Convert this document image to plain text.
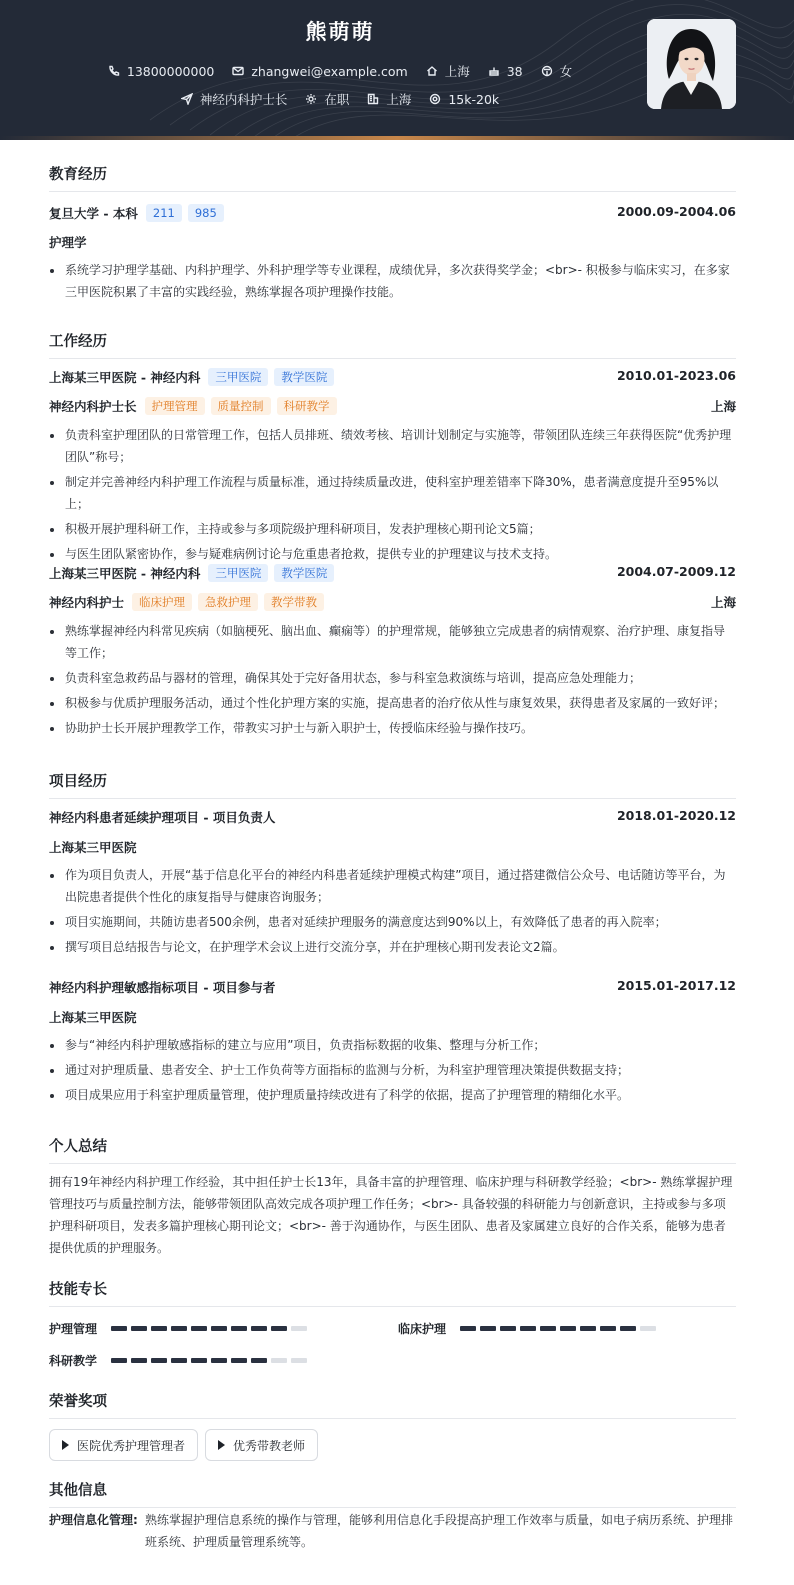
熊萌萌
13800000000
	zhangwei@example.com
	上海
	38
	女
神经内科护士长
	在职
	上海
	15k-20k
教育经历
复旦大学 - 本科	211	985	2000.09-2004.06
护理学
系统学习护理学基础、内科护理学、外科护理学等专业课程，成绩优异，多次获得奖学金；<br>- 积极参与临床实习，在多家三甲医院积累了丰富的实践经验，熟练掌握各项护理操作技能。
工作经历
上海某三甲医院 - 神经内科	三甲医院	教学医院	2010.01-2023.06
神经内科护士长	护理管理	质量控制	科研教学	上海
负责科室护理团队的日常管理工作，包括人员排班、绩效考核、培训计划制定与实施等，带领团队连续三年获得医院“优秀护理团队”称号；
制定并完善神经内科护理工作流程与质量标准，通过持续质量改进，使科室护理差错率下降30%，患者满意度提升至95%以上；
积极开展护理科研工作，主持或参与多项院级护理科研项目，发表护理核心期刊论文5篇；
与医生团队紧密协作，参与疑难病例讨论与危重患者抢救，提供专业的护理建议与技术支持。
上海某三甲医院 - 神经内科	三甲医院	教学医院	2004.07-2009.12
神经内科护士	临床护理	急救护理	教学带教	上海
熟练掌握神经内科常见疾病（如脑梗死、脑出血、癫痫等）的护理常规，能够独立完成患者的病情观察、治疗护理、康复指导等工作；
负责科室急救药品与器材的管理，确保其处于完好备用状态，参与科室急救演练与培训，提高应急处理能力；
积极参与优质护理服务活动，通过个性化护理方案的实施，提高患者的治疗依从性与康复效果，获得患者及家属的一致好评；
协助护士长开展护理教学工作，带教实习护士与新入职护士，传授临床经验与操作技巧。
项目经历
神经内科患者延续护理项目 - 项目负责人	2018.01-2020.12
上海某三甲医院
作为项目负责人，开展“基于信息化平台的神经内科患者延续护理模式构建”项目，通过搭建微信公众号、电话随访等平台，为出院患者提供个性化的康复指导与健康咨询服务；
项目实施期间，共随访患者500余例，患者对延续护理服务的满意度达到90%以上，有效降低了患者的再入院率；
撰写项目总结报告与论文，在护理学术会议上进行交流分享，并在护理核心期刊发表论文2篇。
神经内科护理敏感指标项目 - 项目参与者	2015.01-2017.12
上海某三甲医院
参与“神经内科护理敏感指标的建立与应用”项目，负责指标数据的收集、整理与分析工作；
通过对护理质量、患者安全、护士工作负荷等方面指标的监测与分析，为科室护理管理决策提供数据支持；
项目成果应用于科室护理质量管理，使护理质量持续改进有了科学的依据，提高了护理管理的精细化水平。
个人总结
拥有19年神经内科护理工作经验，其中担任护士长13年，具备丰富的护理管理、临床护理与科研教学经验；<br>- 熟练掌握护理管理技巧与质量控制方法，能够带领团队高效完成各项护理工作任务；<br>- 具备较强的科研能力与创新意识，主持或参与多项护理科研项目，发表多篇护理核心期刊论文；<br>- 善于沟通协作，与医生团队、患者及家属建立良好的合作关系，能够为患者提供优质的护理服务。
技能专长
护理管理	临床护理
科研教学
荣誉奖项
医院优秀护理管理者	优秀带教老师
其他信息
护理信息化管理: 熟练掌握护理信息系统的操作与管理，能够利用信息化手段提高护理工作效率与质量，如电子病历系统、护理排班系统、护理质量管理系统等。
